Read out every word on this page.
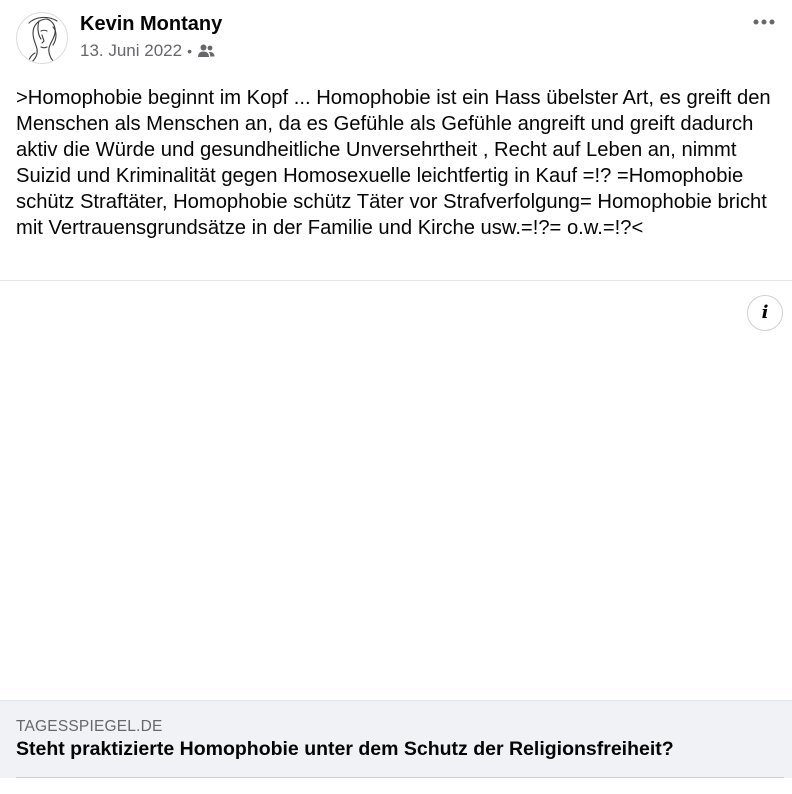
Kevin Montany
13. Juni 2022 •

>Homophobie beginnt im Kopf ... Homophobie ist ein Hass übelster Art, es greift den Menschen als Menschen an, da es Gefühle als Gefühle angreift und greift dadurch aktiv die Würde und gesundheitliche Unversehrtheit , Recht auf Leben an, nimmt Suizid und Kriminalität gegen Homosexuelle leichtfertig in Kauf =!? =Homophobie schütz Straftäter, Homophobie schütz Täter vor Strafverfolgung= Homophobie bricht mit Vertrauensgrundsätze in der Familie und Kirche usw.=!?= o.w.=!?<

i
TAGESSPIEGEL.DE
Steht praktizierte Homophobie unter dem Schutz der Religionsfreiheit?
